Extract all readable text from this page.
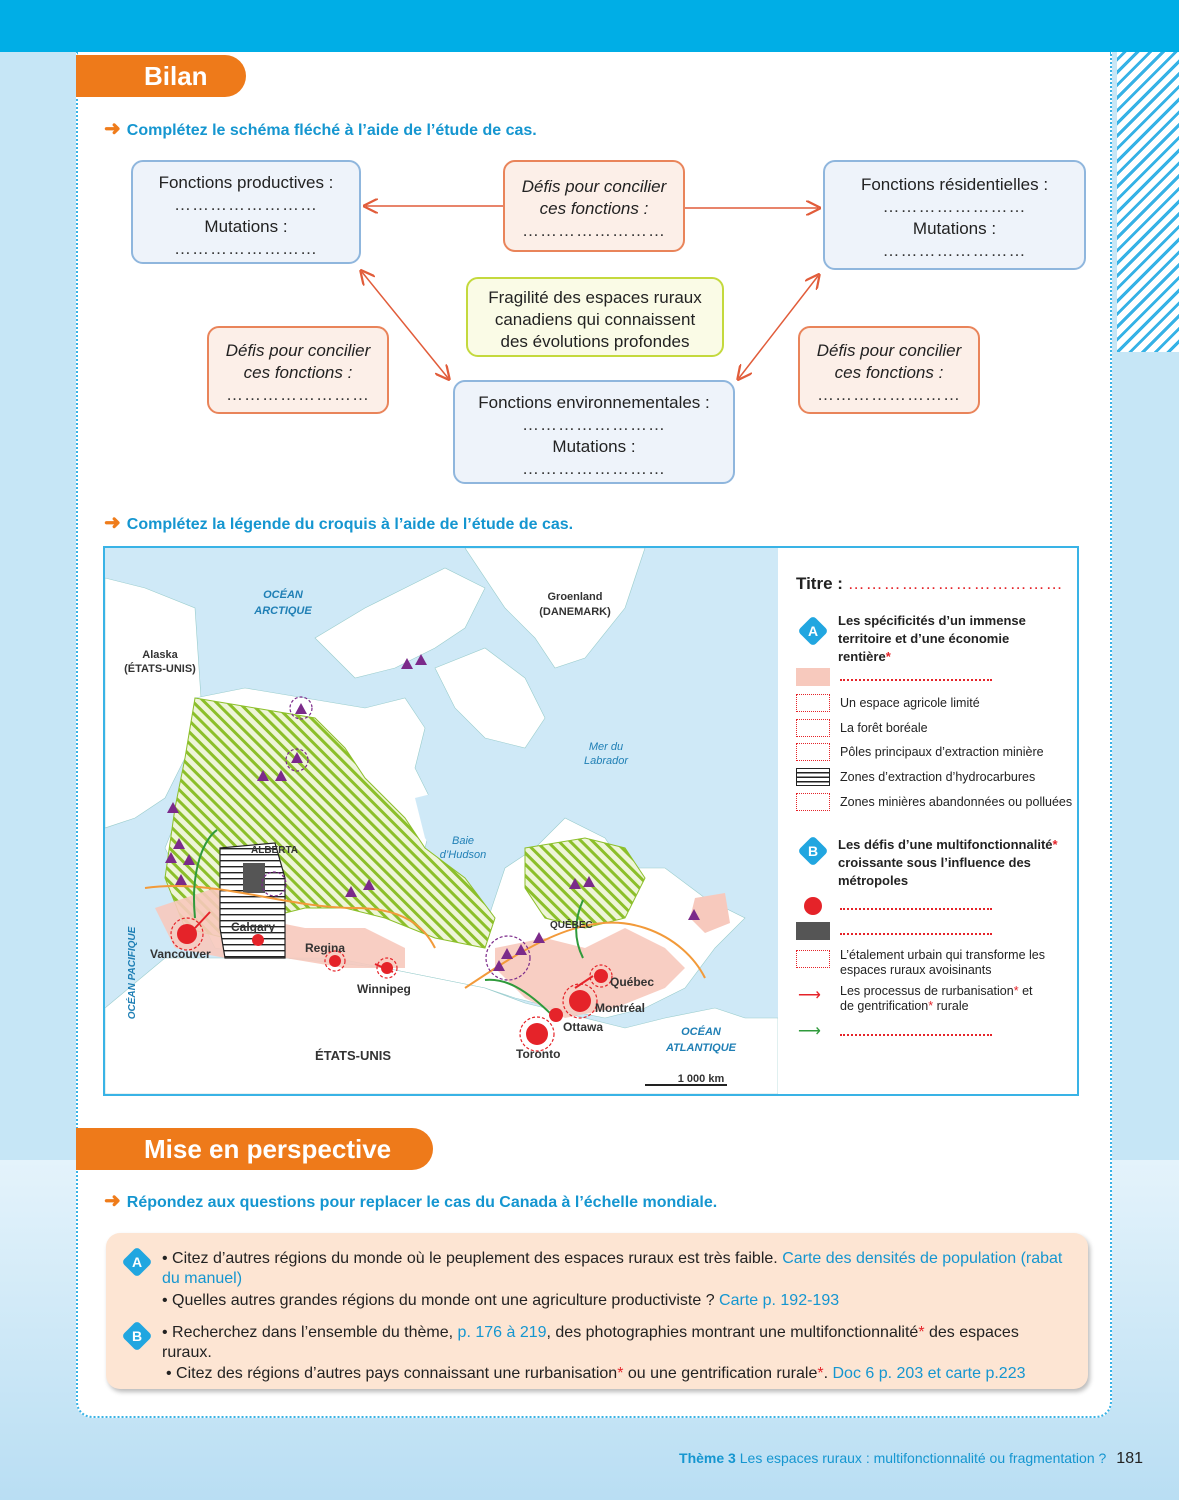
Bilan
➜ Complétez le schéma fléché à l’aide de l’étude de cas.
Fonctions productives :
……………………
Mutations :
……………………
Défis pour concilier
ces fonctions :
……………………
Fonctions résidentielles :
……………………
Mutations :
……………………
Fragilité des espaces ruraux
canadiens qui connaissent
des évolutions profondes
Défis pour concilier
ces fonctions :
……………………
Défis pour concilier
ces fonctions :
……………………
Fonctions environnementales :
……………………
Mutations :
……………………
➜ Complétez la légende du croquis à l’aide de l’étude de cas.
OCÉAN
ARCTIQUE
Groenland
(DANEMARK)
Alaska
(ÉTATS-UNIS)
Mer du
Labrador
Baie
d’Hudson
ALBERTA
QUÉBEC
Calgary
Vancouver	Regina
Winnipeg	Québec
Montréal
Ottawa
Toronto
ÉTATS-UNIS
OCÉAN PACIFIQUE
OCÉAN
ATLANTIQUE
1 000 km
Titre : ………………………………
A
Les spécificités d’un immense
territoire et d’une économie
rentière*
Un espace agricole limité
La forêt boréale
Pôles principaux d’extraction minière
Zones d’extraction d’hydrocarbures
Zones minières abandonnées ou polluées
B	Les défis d’une multifonctionnalité*
croissante sous l’influence des
métropoles
L’étalement urbain qui transforme les
espaces ruraux avoisinants
⟶ Les processus de rurbanisation* et
de gentrification* rurale
⟶
Mise en perspective
➜ Répondez aux questions pour replacer le cas du Canada à l’échelle mondiale.
A	• Citez d’autres régions du monde où le peuplement des espaces ruraux est très faible. Carte des densités de population (rabat du manuel)
• Quelles autres grandes régions du monde ont une agriculture productiviste ? Carte p. 192-193
B	• Recherchez dans l’ensemble du thème, p. 176 à 219, des photographies montrant une multifonctionnalité* des espaces ruraux.
• Citez des régions d’autres pays connaissant une rurbanisation* ou une gentrification rurale*. Doc 6 p. 203 et carte p.223
Thème 3 Les espaces ruraux : multifonctionnalité ou fragmentation ? 181
